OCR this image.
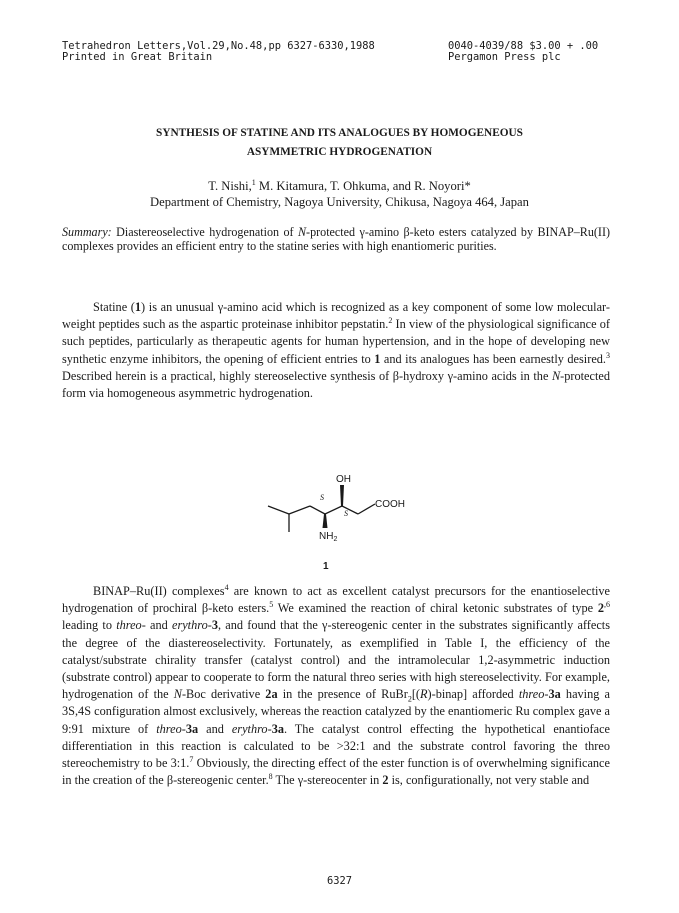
Tetrahedron Letters,Vol.29,No.48,pp 6327-6330,1988	0040-4039/88 $3.00 + .00
Printed in Great Britain	Pergamon Press plc
SYNTHESIS OF STATINE AND ITS ANALOGUES BY HOMOGENEOUS
ASYMMETRIC HYDROGENATION
T. Nishi,$^1$ M. Kitamura, T. Ohkuma, and R. Noyori*
Department of Chemistry, Nagoya University, Chikusa, Nagoya 464, Japan
Summary: Diastereoselective hydrogenation of N-protected γ-amino β-keto esters catalyzed by BINAP–Ru(II) complexes provides an efficient entry to the statine series with high enantiomeric purities.

Statine (1) is an unusual γ-amino acid which is recognized as a key component of some low molecular-weight peptides such as the aspartic proteinase inhibitor pepstatin.$^2$ In view of the physiological significance of such peptides, particularly as therapeutic agents for human hypertension, and in the hope of developing new synthetic enzyme inhibitors, the opening of efficient entries to 1 and its analogues has been earnestly desired.$^3$ Described herein is a practical, highly stereoselective synthesis of β-hydroxy γ-amino acids in the N-protected form via homogeneous asymmetric hydrogenation.

OH
COOH
S
S
$NH_2$
1

BINAP–Ru(II) complexes$^4$ are known to act as excellent catalyst precursors for the enantioselective hydrogenation of prochiral β-keto esters.$^5$ We examined the reaction of chiral ketonic substrates of type $2^{,6}$ leading to threo- and erythro-3, and found that the γ-stereogenic center in the substrates significantly affects the degree of the diastereoselectivity. Fortunately, as exemplified in Table I, the efficiency of the catalyst/substrate chirality transfer (catalyst control) and the intramolecular 1,2-asymmetric induction (substrate control) appear to cooperate to form the natural threo series with high stereoselectivity. For example, hydrogenation of the N-Boc derivative 2a in the presence of RuBr$_2$[(R)-binap] afforded threo-3a having a 3S,4S configuration almost exclusively, whereas the reaction catalyzed by the enantiomeric Ru complex gave a 9:91 mixture of threo-3a and erythro-3a. The catalyst control effecting the hypothetical enantioface differentiation in this reaction is calculated to be >32:1 and the substrate control favoring the threo stereochemistry to be 3:1.$^7$ Obviously, the directing effect of the ester function is of overwhelming significance in the creation of the β-stereogenic center.$^8$ The γ-stereocenter in 2 is, configurationally, not very stable and

6327
